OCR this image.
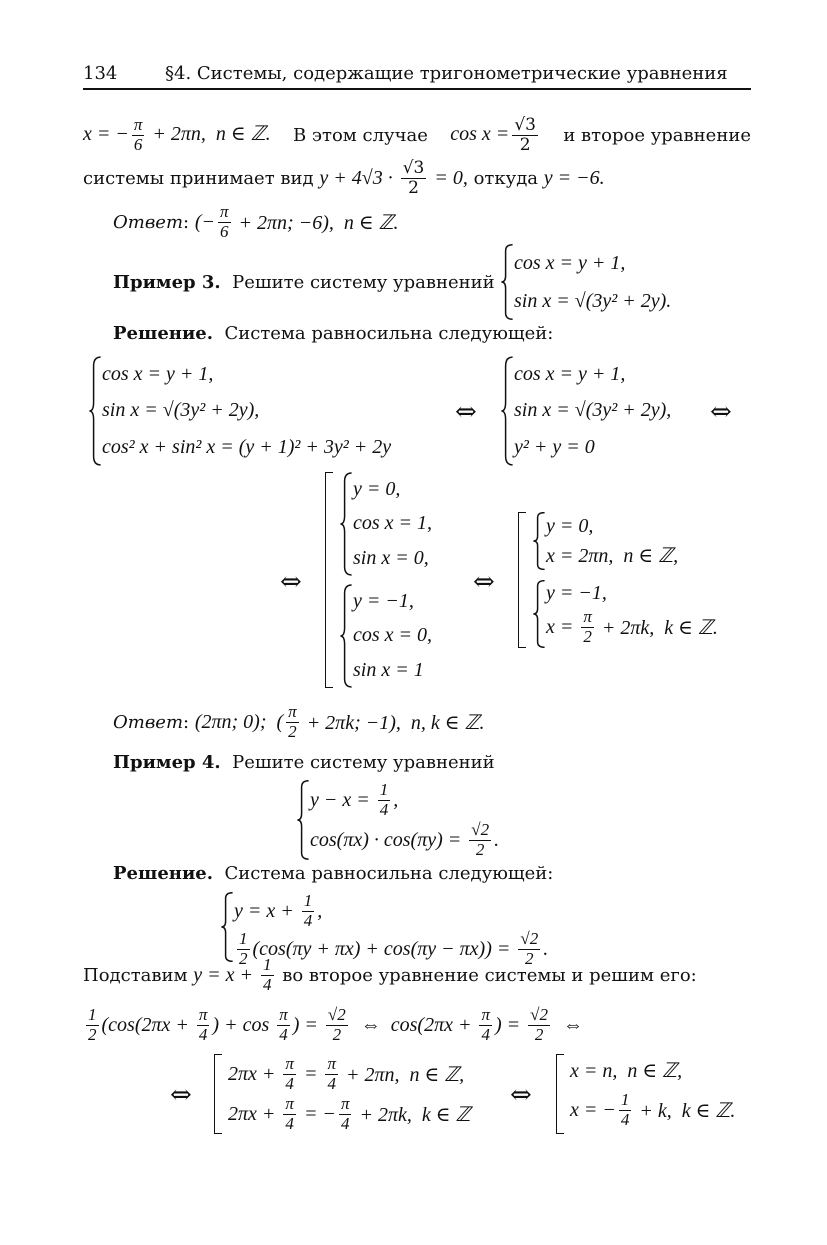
134	§4. Системы, содержащие тригонометрические уравнения
x = − $\frac{\pi}{6} + 2\pi n$,  n ∈ ℤ. В этом случае $\cos x = \frac{√3}{2}$ и второе уравнение
системы принимает вид $y + 4√3 \cdot \frac{√3}{2} = 0$, откуда y = −6.
Ответ : (− $\frac{\pi}{6} + 2\pi n$; −6),  n ∈ ℤ.
Пример 3. Решите систему уравнений
cos x = y + 1,
sin x = √(3y² + 2y).
Решение. Система равносильна следующей:
cos x = y + 1,
sin x = √(3y² + 2y),
cos² x + sin² x = (y + 1)² + 3y² + 2y
⇔
cos x = y + 1,
sin x = √(3y² + 2y),
y² + y = 0
⇔
⇔
y = 0,
cos x = 1,
sin x = 0,
y = −1,
cos x = 0,
sin x = 1
⇔
y = 0,
x = 2πn,  n ∈ ℤ,
y = −1,
$x = \frac{\pi}{2} + 2\pi k$,  k ∈ ℤ.
Ответ : (2πn; 0);  ( π
2 + 2πk; −1),  n, k ∈ ℤ.
Пример 4. Решите систему уравнений
$y - x = \frac{1}{4}$ ,
$\cos(\pi x) \cdot \cos(\pi y) = \frac{√2}{2}$ .
Решение. Система равносильна следующей:
$y = x + \frac{1}{4}$ ,
1
2 $(\cos(\pi y + \pi x) + \cos(\pi y - \pi x)) = \frac{√2}{2}$ .
Подставим $y = x + \frac{1}{4}$ во второе уравнение системы и решим его:
1
2 ($\cos(2\pi x + \frac{\pi}{4}$ ) + cos π
4 ) = $\frac{√2}{2}$ ⇔  $\cos(2\pi x + \frac{\pi}{4}$ ) = $\frac{√2}{2}$ ⇔
⇔
$2\pi x + \frac{\pi}{4} = \frac{\pi}{4} + 2\pi n$,  n ∈ ℤ,
$2\pi x + \frac{\pi}{4}$ = − $\frac{\pi}{4} + 2\pi k$,  k ∈ ℤ
⇔
x = n,  n ∈ ℤ,
x = − $\frac{1}{4} + k$,  k ∈ ℤ.
